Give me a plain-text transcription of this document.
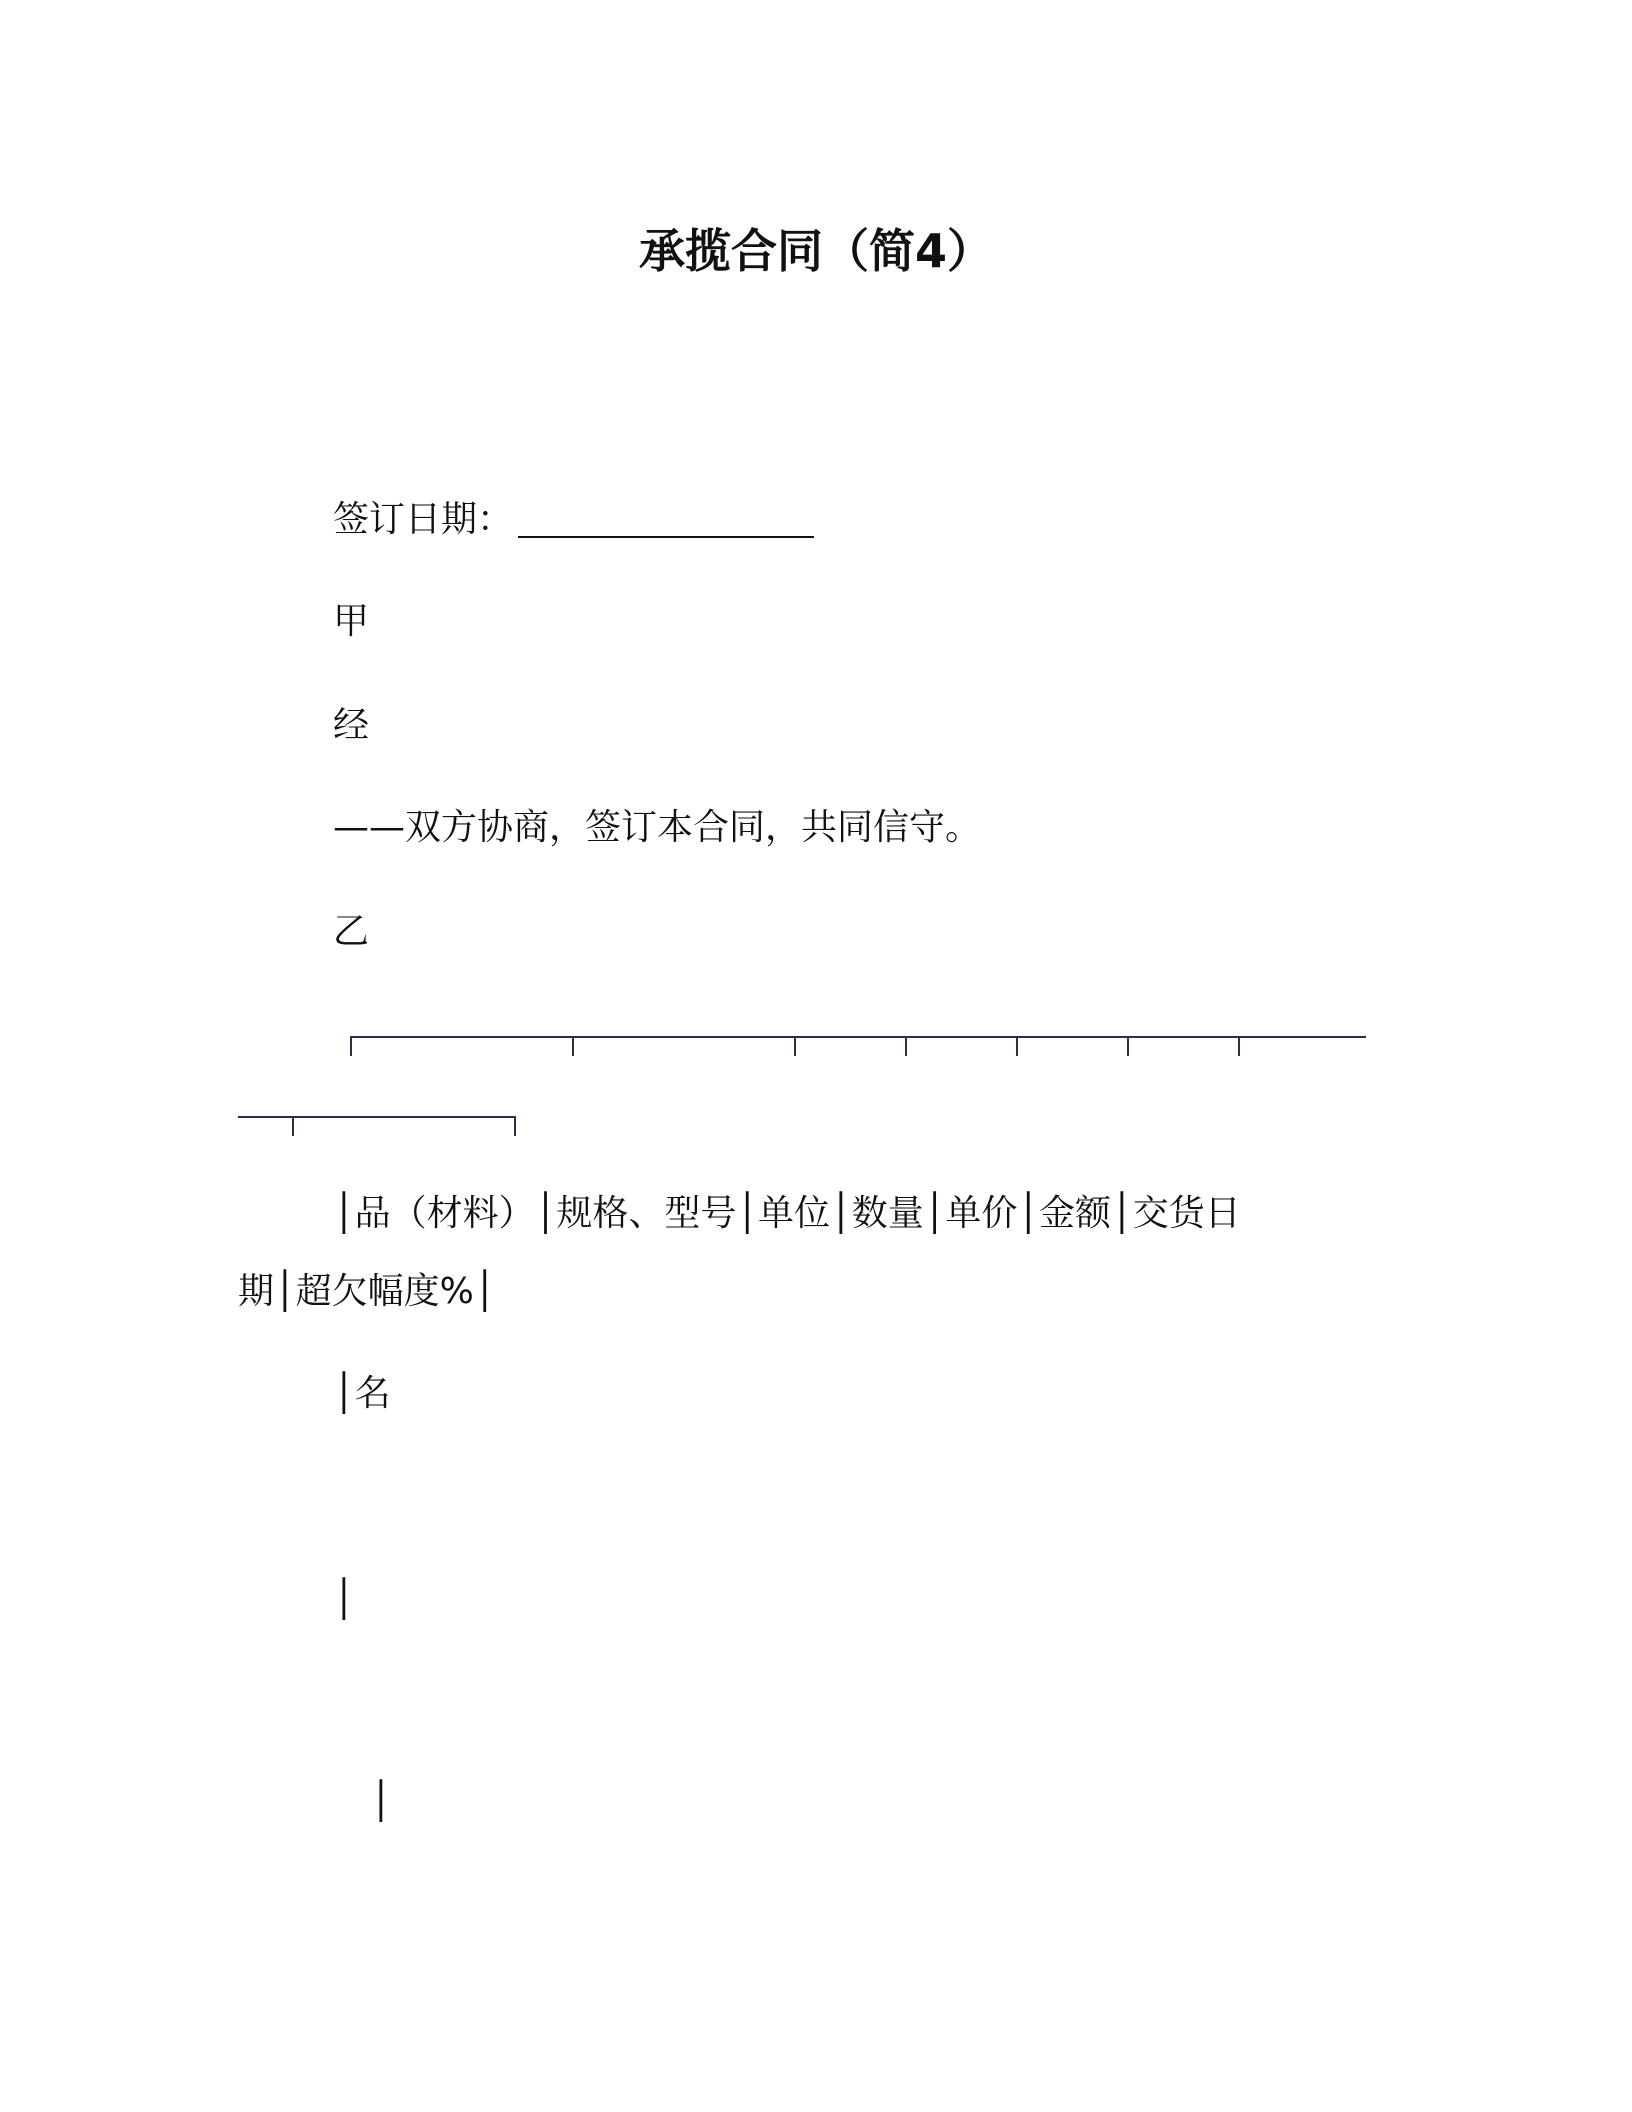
承揽合同（简4）
签订日期：
甲
经
——双方协商，签订本合同，共同信守。
乙
│品（材料）│规格、型号│单位│数量│单价│金额│交货日
期│超欠幅度%│
│名
│
│
